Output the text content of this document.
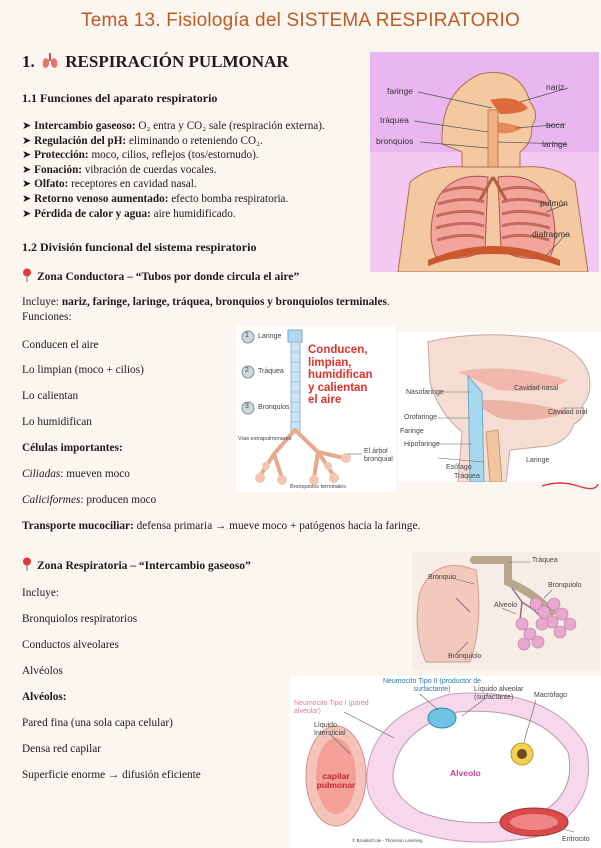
Tema 13. Fisiología del SISTEMA RESPIRATORIO
1. RESPIRACIÓN PULMONAR
1.1 Funciones del aparato respiratorio
➤ Intercambio gaseoso: O₂ entra y CO₂ sale (respiración externa).
➤ Regulación del pH: eliminando o reteniendo CO₂.
➤ Protección: moco, cilios, reflejos (tos/estornudo).
➤ Fonación: vibración de cuerdas vocales.
➤ Olfato: receptores en cavidad nasal.
➤ Retorno venoso aumentado: efecto bomba respiratoria.
➤ Pérdida de calor y agua: aire humidificado.
faringe	nariz
tráquea	boca
bronquios	laringe
pulmón
diafragma
1.2 División funcional del sistema respiratorio
Zona Conductora – “Tubos por donde circula el aire”
Incluye: nariz, faringe, laringe, tráquea, bronquios y bronquiolos terminales.
Funciones:
Conducen el aire
Lo limpian (moco + cilios)
Lo calientan
Lo humidifican
Células importantes:
Ciliadas: mueven moco
Caliciformes: producen moco
Transporte mucociliar: defensa primaria → mueve moco + patógenos hacia la faringe.
1
2
3
Laringe
Tráquea
Bronquios
Vías extrapulmonares
Bronquiolos terminales
Conducen,
limpian,
humidifican
y calientan
el aire
El árbol bronquial
Cavidad nasal
Nasofaringe
Cavidad oral
Orofaringe
Faringe
Hipofaringe
Laringe
Esófago
Tráquea
Zona Respiratoria – “Intercambio gaseoso”
Incluye:
Bronquiolos respiratorios
Conductos alveolares
Alvéolos
Alvéolos:
Pared fina (una sola capa celular)
Densa red capilar
Superficie enorme → difusión eficiente
Tráquea
Bronquio
Bronquiolo
Alveolo
Bronquiolo
Neumocito Tipo II (productor de surfactante)
Neumocito Tipo I (pared alveolar)
Líquido alveolar (surfactante)	Macrófago
Líquido Intersticial
Alveolo
capilar pulmonar
Eritrocito
© Brooks/Cole - Thomson Learning
